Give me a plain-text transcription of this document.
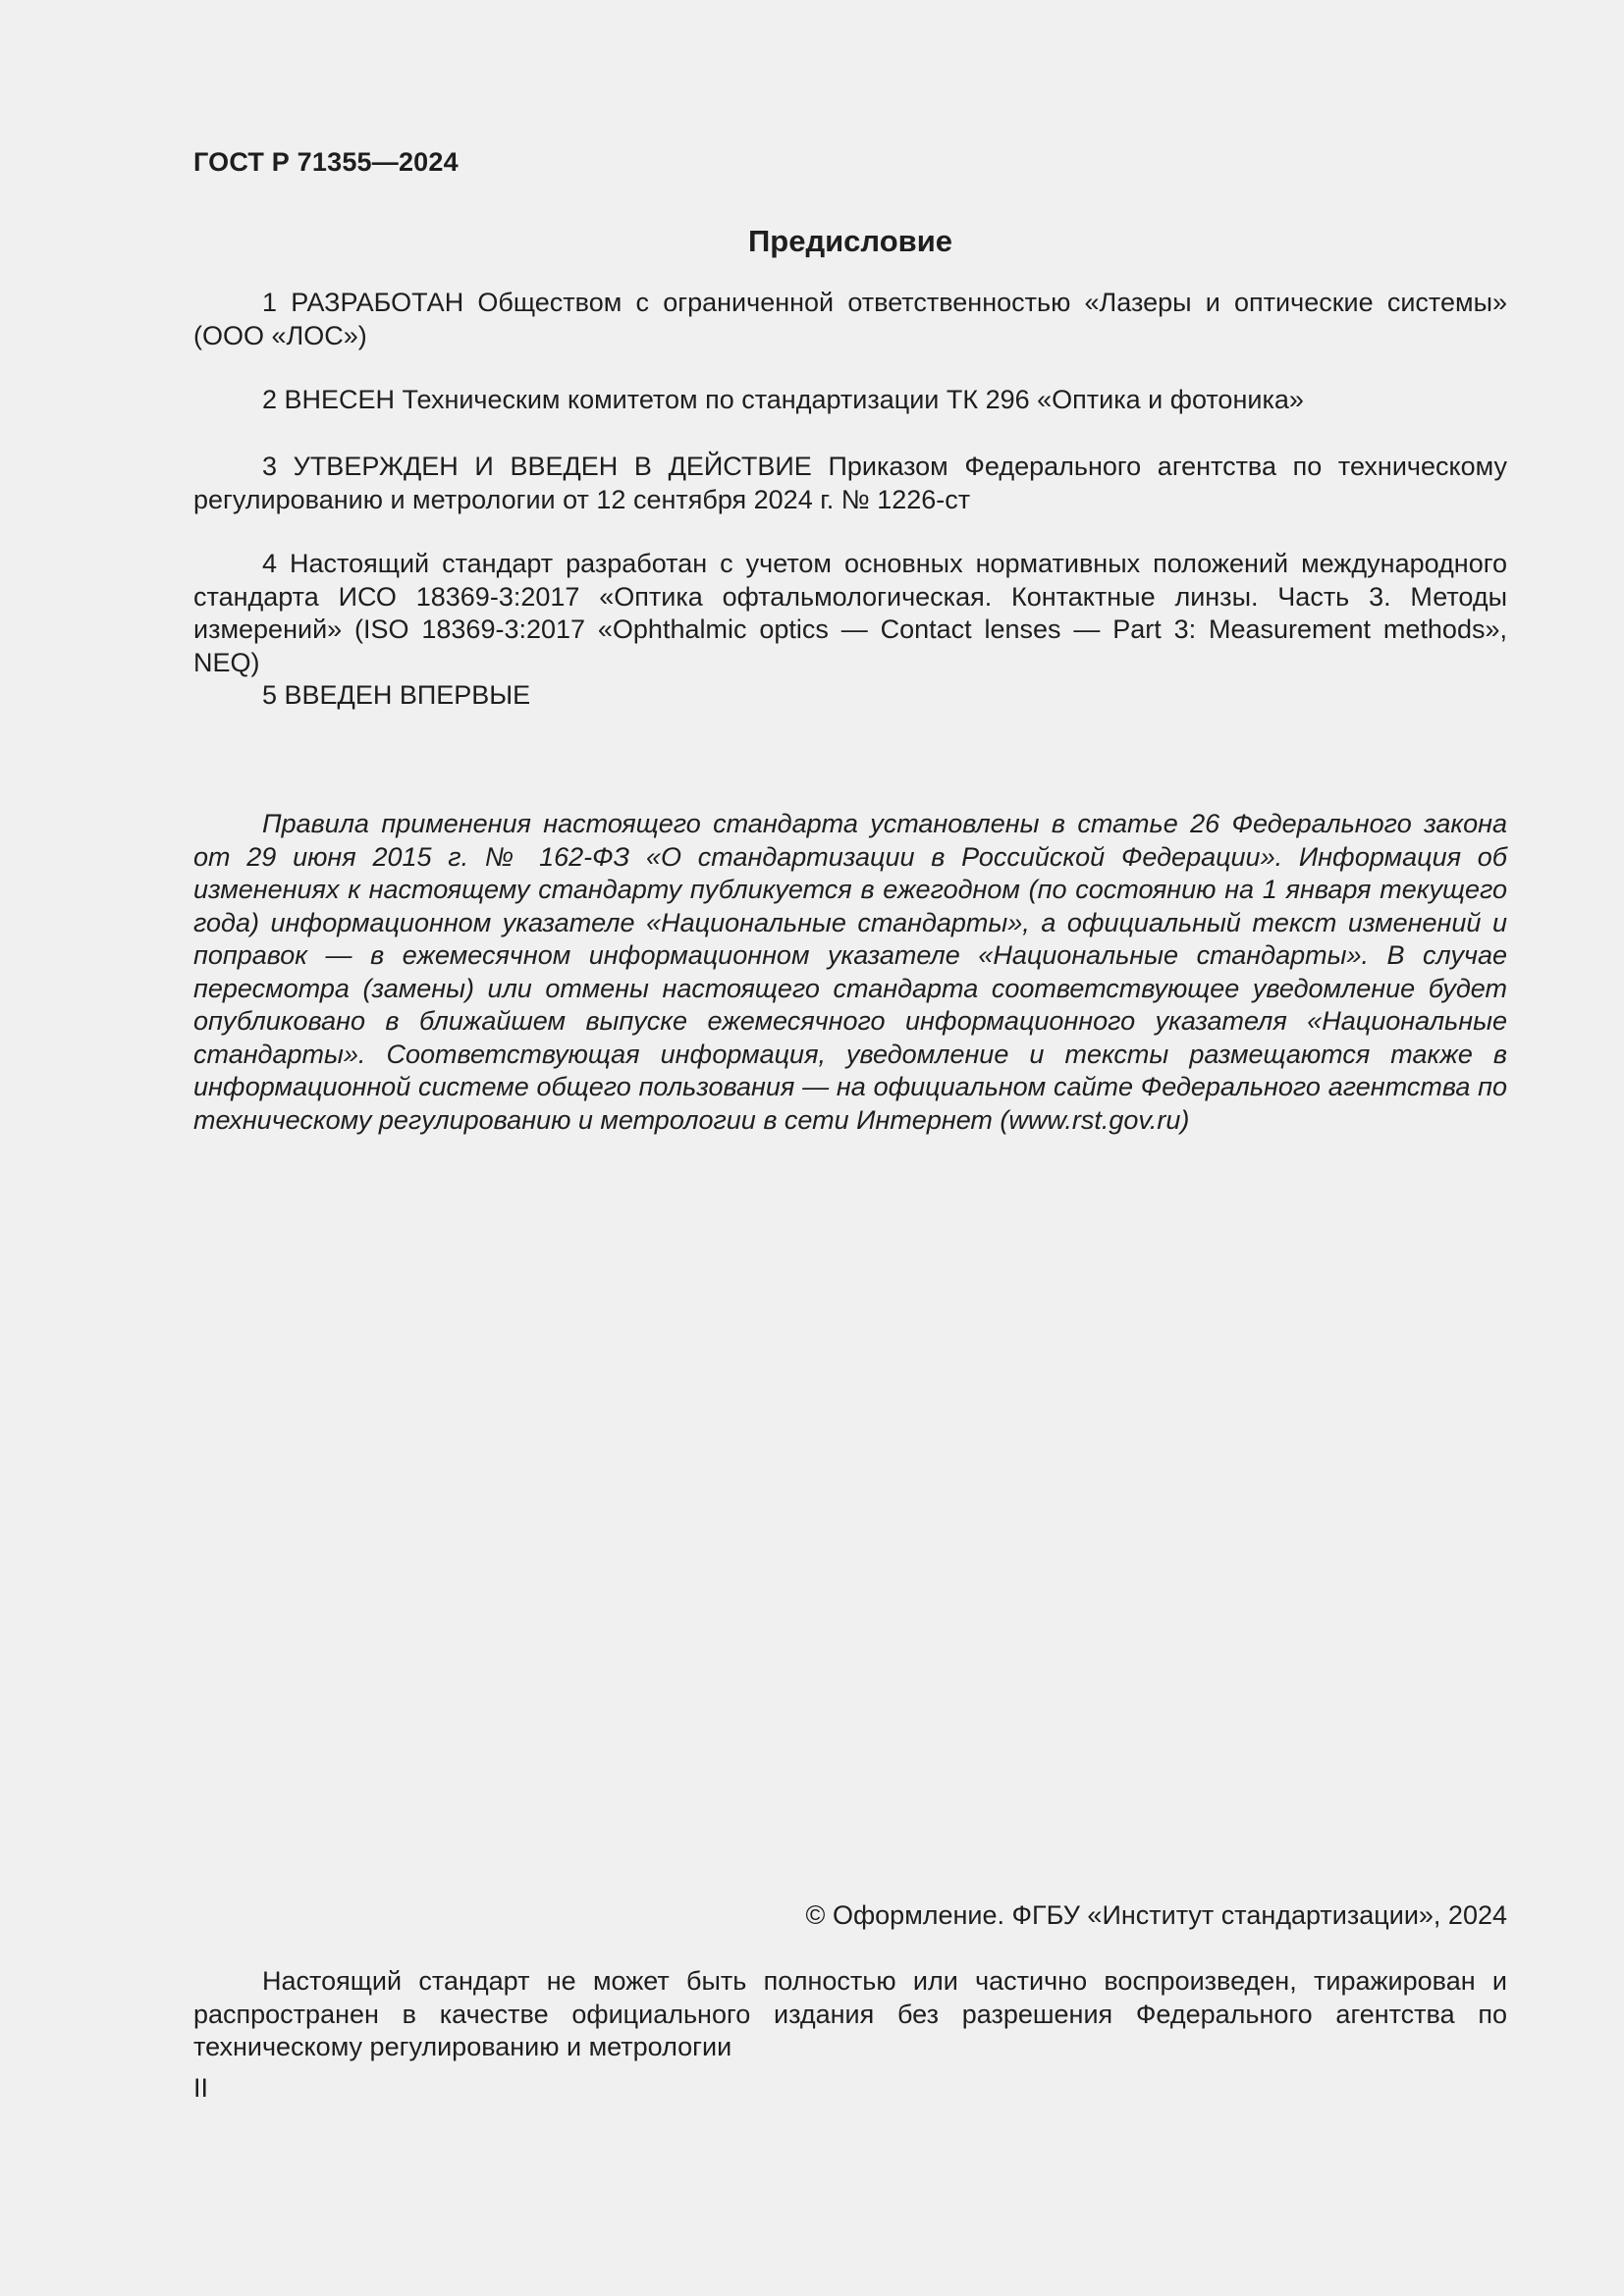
ГОСТ Р 71355—2024
Предисловие

1 РАЗРАБОТАН Обществом с ограниченной ответственностью «Лазеры и оптические системы» (ООО «ЛОС»)

2 ВНЕСЕН Техническим комитетом по стандартизации ТК 296 «Оптика и фотоника»

3 УТВЕРЖДЕН И ВВЕДЕН В ДЕЙСТВИЕ Приказом Федерального агентства по техническому регулированию и метрологии от 12 сентября 2024 г. № 1226-ст

4 Настоящий стандарт разработан с учетом основных нормативных положений международного стандарта ИСО 18369-3:2017 «Оптика офтальмологическая. Контактные линзы. Часть 3. Методы измерений» (ISO 18369-3:2017 «Ophthalmic optics — Contact lenses — Part 3: Measurement methods», NEQ)

5 ВВЕДЕН ВПЕРВЫЕ

Правила применения настоящего стандарта установлены в статье 26 Федерального закона от 29 июня 2015 г. № 162-ФЗ «О стандартизации в Российской Федерации». Информация об изменениях к настоящему стандарту публикуется в ежегодном (по состоянию на 1 января текущего года) информационном указателе «Национальные стандарты», а официальный текст изменений и поправок — в ежемесячном информационном указателе «Национальные стандарты». В случае пересмотра (замены) или отмены настоящего стандарта соответствующее уведомление будет опубликовано в ближайшем выпуске ежемесячного информационного указателя «Национальные стандарты». Соответствующая информация, уведомление и тексты размещаются также в информационной системе общего пользования — на официальном сайте Федерального агентства по техническому регулированию и метрологии в сети Интернет (www.rst.gov.ru)

© Оформление. ФГБУ «Институт стандартизации», 2024

Настоящий стандарт не может быть полностью или частично воспроизведен, тиражирован и распространен в качестве официального издания без разрешения Федерального агентства по техническому регулированию и метрологии

II
